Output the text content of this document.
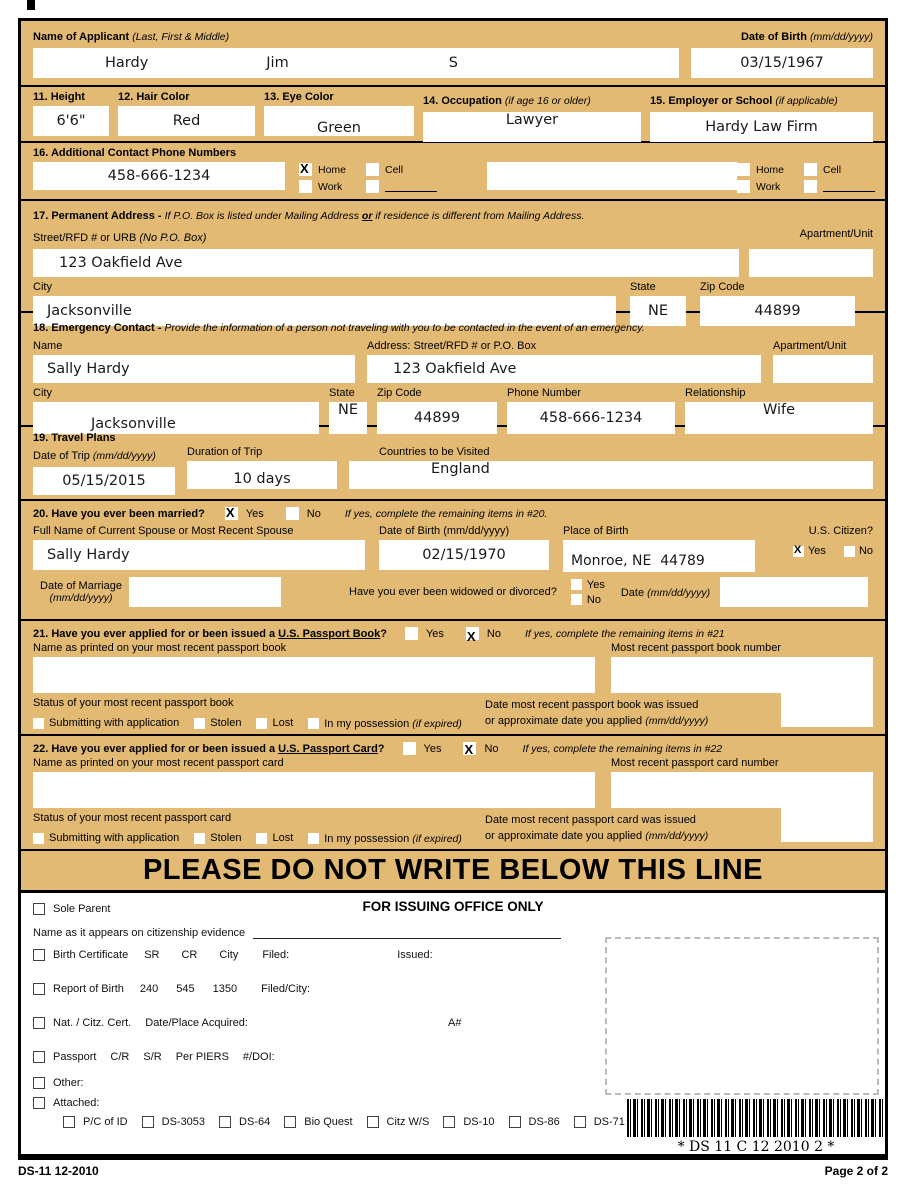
Name of Applicant (Last, First & Middle)
Hardy	Jim	S
Date of Birth (mm/dd/yyyy)
03/15/1967
11. Height
6'6"
12. Hair Color
Red
13. Eye Color
Green
14. Occupation (if age 16 or older)
Lawyer
15. Employer or School (if applicable)
Hardy Law Firm
16. Additional Contact Phone Numbers
458-666-1234	X Home	Cell
Work
Home	Cell
Work
17. Permanent Address - If P.O. Box is listed under Mailing Address or if residence is different from Mailing Address.
Street/RFD # or URB (No P.O. Box)	Apartment/Unit
123 Oakfield Ave
City
Jacksonville
State
NE
Zip Code
44899
18. Emergency Contact - Provide the information of a person not traveling with you to be contacted in the event of an emergency.
Name
Sally Hardy
Address: Street/RFD # or P.O. Box
123 Oakfield Ave
Apartment/Unit
City
Jacksonville
State
NE
Zip Code
44899
Phone Number
458-666-1234
Relationship
Wife
19. Travel Plans
Date of Trip (mm/dd/yyyy)
05/15/2015
Duration of Trip
10 days
Countries to be Visited
England
20. Have you ever been married? X Yes	No If yes, complete the remaining items in #20.
Full Name of Current Spouse or Most Recent Spouse
Sally Hardy
Date of Birth (mm/dd/yyyy)
02/15/1970
Place of Birth
Monroe, NE  44789
U.S. Citizen?
X Yes	No
Date of Marriage
(mm/dd/yyyy)	Have you ever been widowed or divorced?
Yes
No
Date (mm/dd/yyyy)
21. Have you ever applied for or been issued a U.S. Passport Book?	Yes X No If yes, complete the remaining items in #21
Name as printed on your most recent passport book	Most recent passport book number
Status of your most recent passport book
Submitting with application	Stolen	Lost	In my possession (if expired)
Date most recent passport book was issued
or approximate date you applied (mm/dd/yyyy)
22. Have you ever applied for or been issued a U.S. Passport Card?	Yes X No If yes, complete the remaining items in #22
Name as printed on your most recent passport card	Most recent passport card number
Status of your most recent passport card
Submitting with application	Stolen	Lost	In my possession (if expired)
Date most recent passport card was issued
or approximate date you applied (mm/dd/yyyy)
PLEASE DO NOT WRITE BELOW THIS LINE
* DS 11 C 12 2010 2 *
Sole Parent	FOR ISSUING OFFICE ONLY
Name as it appears on citizenship evidence
Birth Certificate SR CR City Filed:	Issued:
Report of Birth 240 545 1350 Filed/City:
Nat. / Citz. Cert. Date/Place Acquired:	A#
Passport C/R S/R Per PIERS #/DOI:
Other:
Attached:
P/C of ID	DS-3053	DS-64	Bio Quest	Citz W/S	DS-10	DS-86	DS-71
DS-11 12-2010	Page 2 of 2
